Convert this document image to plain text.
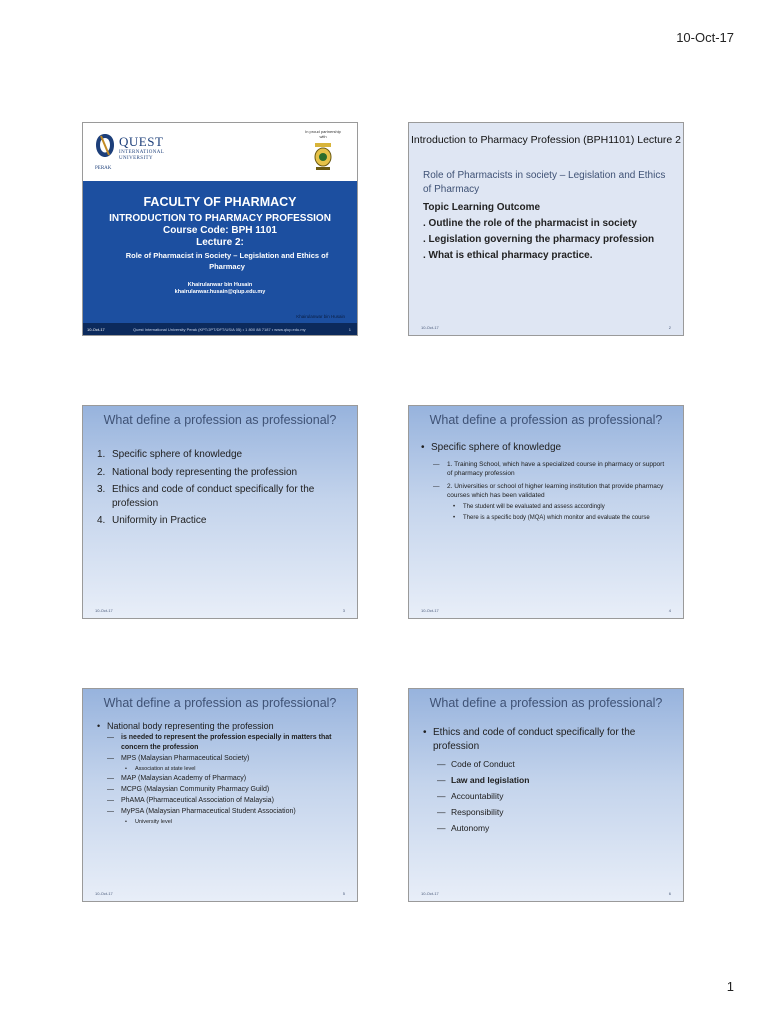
10-Oct-17
QUEST
INTERNATIONAL
UNIVERSITY
PERAK
In proud partnership with
FACULTY OF PHARMACY
INTRODUCTION TO PHARMACY PROFESSION
Course Code: BPH 1101
Lecture 2:
Role of Pharmacist in Society – Legislation and Ethics of Pharmacy
Khairulanwar bin Husain
khairulanwar.husain@qiup.edu.my
Khairulanwar bin Husain
10-Oct-17	Quest International University Perak (KPT/JPT/DFT/US/A 05) • 1 800 88 7187 • www.qiup.edu.my	1
Introduction to Pharmacy Profession (BPH1101) Lecture 2
Role of Pharmacists in society – Legislation and Ethics of Pharmacy
Topic Learning Outcome
. Outline the role of the pharmacist in society
. Legislation governing the pharmacy profession
. What is ethical pharmacy practice.
10-Oct-17	2
What define a profession as professional?
1. Specific sphere of knowledge
2. National body representing the profession
3. Ethics and code of conduct specifically for the profession
4. Uniformity in Practice
10-Oct-17	3
What define a profession as professional?
• Specific sphere of knowledge
—	1. Training School, which have a specialized course in pharmacy or support of pharmacy profession
—	2. Universities or school of higher learning institution that provide pharmacy courses which has been validated
•	The student will be evaluated and assess accordingly
•	There is a specific body (MQA) which monitor and evaluate the course
10-Oct-17	4
What define a profession as professional?
• National body representing the profession
—	is needed to represent the profession especially in matters that concern the profession
—	MPS (Malaysian Pharmaceutical Society)
•	Association at state level
—	MAP (Malaysian Academy of Pharmacy)
—	MCPG (Malaysian Community Pharmacy Guild)
—	PhAMA (Pharmaceutical Association of Malaysia)
—	MyPSA (Malaysian Pharmaceutical Student Association)
•	University level
10-Oct-17	5
What define a profession as professional?
• Ethics and code of conduct specifically for the profession
— Code of Conduct
— Law and legislation
— Accountability
— Responsibility
— Autonomy
10-Oct-17	6
1
